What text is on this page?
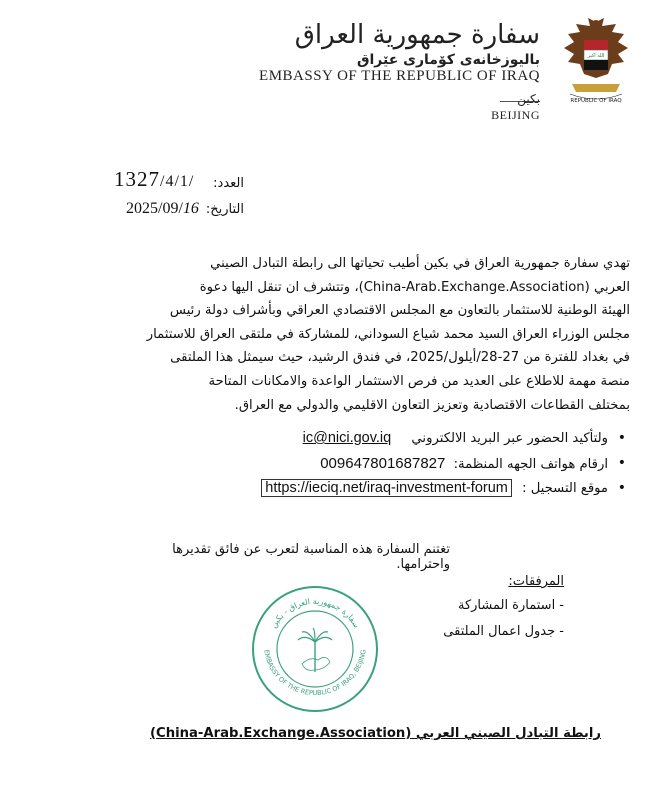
الله اكبر
REPUBLIC OF IRAQ
سفارة جمهورية العراق
باليوزخانەى كۆمارى عێراق
EMBASSY OF THE REPUBLIC OF IRAQ
بكين
BEIJING
العدد:
1327/4/1/
التاريخ:
2025/09/16
تهدي سفارة جمهورية العراق في بكين أطيب تحياتها الى رابطة التبادل الصيني
العربي (China-Arab.Exchange.Association)، وتتشرف ان تنقل اليها دعوة
الهيئة الوطنية للاستثمار بالتعاون مع المجلس الاقتصادي العراقي وبأشراف دولة رئيس
مجلس الوزراء العراق السيد محمد شياع السوداني، للمشاركة في ملتقى العراق للاستثمار
في بغداد للفترة من 27-28/أيلول/2025، في فندق الرشيد، حيث سيمثل هذا الملتقى
منصة مهمة للاطلاع على العديد من فرص الاستثمار الواعدة والامكانات المتاحة
بمختلف القطاعات الاقتصادية وتعزيز التعاون الاقليمي والدولي مع العراق.
• ولتأكيد الحضور عبر البريد الالكتروني ic@nici.gov.iq
• ارقام هواتف الجهه المنظمة: 009647801687827
• موقع التسجيل : https://ieciq.net/iraq-investment-forum
تغتنم السفارة هذه المناسبة لتعرب عن فائق تقديرها واحترامها.
المرفقات:
- استمارة المشاركة
- جدول اعمال الملتقى
سفارة جمهورية العراق - بكين
EMBASSY OF THE REPUBLIC OF IRAQ, BEIJING
رابطة التبادل الصيني العربي (China-Arab.Exchange.Association)
